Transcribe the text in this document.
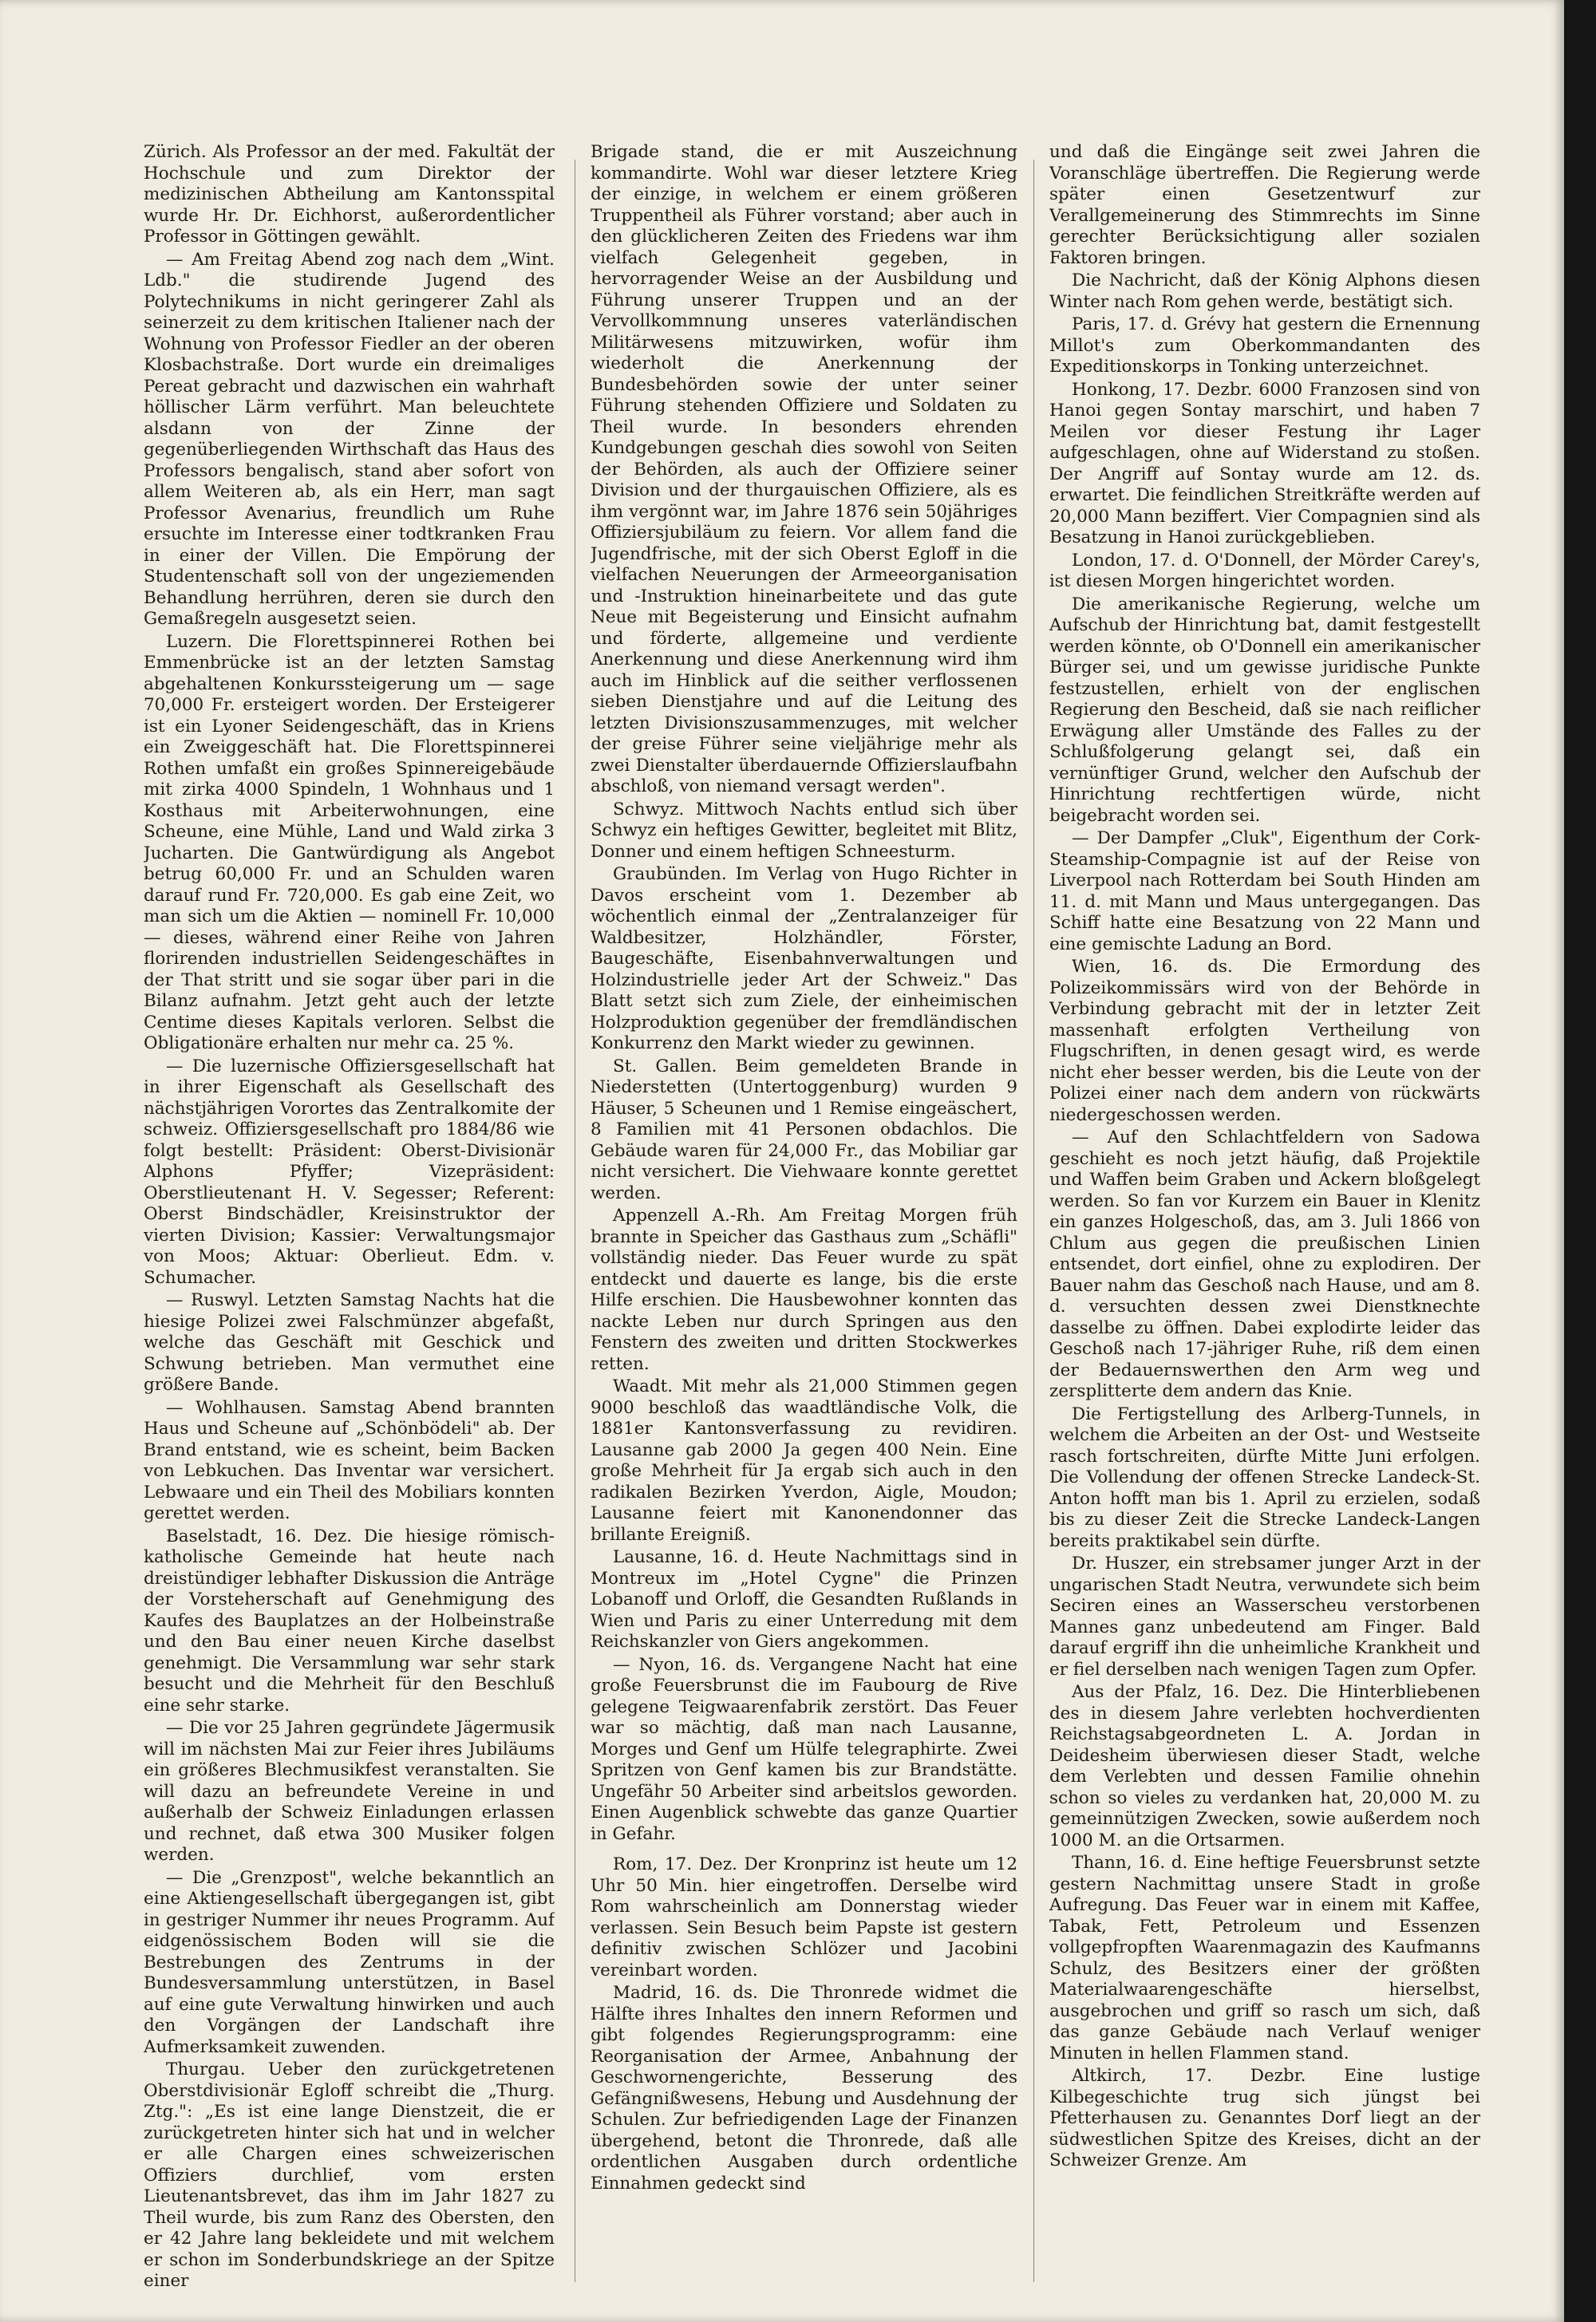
Zürich. Als Professor an der med. Fakultät der Hochschule und zum Direktor der medizinischen Abtheilung am Kantonsspital wurde Hr. Dr. Eichhorst, außerordentlicher Professor in Göttingen gewählt.

— Am Freitag Abend zog nach dem „Wint. Ldb." die studirende Jugend des Polytechnikums in nicht geringerer Zahl als seinerzeit zu dem kritischen Italiener nach der Wohnung von Professor Fiedler an der oberen Klosbachstraße. Dort wurde ein dreimaliges Pereat gebracht und dazwischen ein wahrhaft höllischer Lärm verführt. Man beleuchtete alsdann von der Zinne der gegenüberliegenden Wirthschaft das Haus des Professors bengalisch, stand aber sofort von allem Weiteren ab, als ein Herr, man sagt Professor Avenarius, freundlich um Ruhe ersuchte im Interesse einer todtkranken Frau in einer der Villen. Die Empörung der Studentenschaft soll von der ungeziemenden Behandlung herrühren, deren sie durch den Gemaßregeln ausgesetzt seien.

Luzern. Die Florettspinnerei Rothen bei Emmenbrücke ist an der letzten Samstag abgehaltenen Konkurssteigerung um — sage 70,000 Fr. ersteigert worden. Der Ersteigerer ist ein Lyoner Seidengeschäft, das in Kriens ein Zweiggeschäft hat. Die Florettspinnerei Rothen umfaßt ein großes Spinnereigebäude mit zirka 4000 Spindeln, 1 Wohnhaus und 1 Kosthaus mit Arbeiterwohnungen, eine Scheune, eine Mühle, Land und Wald zirka 3 Jucharten. Die Gantwürdigung als Angebot betrug 60,000 Fr. und an Schulden waren darauf rund Fr. 720,000. Es gab eine Zeit, wo man sich um die Aktien — nominell Fr. 10,000 — dieses, während einer Reihe von Jahren florirenden industriellen Seidengeschäftes in der That stritt und sie sogar über pari in die Bilanz aufnahm. Jetzt geht auch der letzte Centime dieses Kapitals verloren. Selbst die Obligationäre erhalten nur mehr ca. 25 %.

— Die luzernische Offiziersgesellschaft hat in ihrer Eigenschaft als Gesellschaft des nächstjährigen Vorortes das Zentralkomite der schweiz. Offiziersgesellschaft pro 1884/86 wie folgt bestellt: Präsident: Oberst-Divisionär Alphons Pfyffer; Vizepräsident: Oberstlieutenant H. V. Segesser; Referent: Oberst Bindschädler, Kreisinstruktor der vierten Division; Kassier: Verwaltungsmajor von Moos; Aktuar: Oberlieut. Edm. v. Schumacher.

— Ruswyl. Letzten Samstag Nachts hat die hiesige Polizei zwei Falschmünzer abgefaßt, welche das Geschäft mit Geschick und Schwung betrieben. Man vermuthet eine größere Bande.

— Wohlhausen. Samstag Abend brannten Haus und Scheune auf „Schönbödeli" ab. Der Brand entstand, wie es scheint, beim Backen von Lebkuchen. Das Inventar war versichert. Lebwaare und ein Theil des Mobiliars konnten gerettet werden.

Baselstadt, 16. Dez. Die hiesige römisch-katholische Gemeinde hat heute nach dreistündiger lebhafter Diskussion die Anträge der Vorsteherschaft auf Genehmigung des Kaufes des Bauplatzes an der Holbeinstraße und den Bau einer neuen Kirche daselbst genehmigt. Die Versammlung war sehr stark besucht und die Mehrheit für den Beschluß eine sehr starke.

— Die vor 25 Jahren gegründete Jägermusik will im nächsten Mai zur Feier ihres Jubiläums ein größeres Blechmusikfest veranstalten. Sie will dazu an befreundete Vereine in und außerhalb der Schweiz Einladungen erlassen und rechnet, daß etwa 300 Musiker folgen werden.

— Die „Grenzpost", welche bekanntlich an eine Aktiengesellschaft übergegangen ist, gibt in gestriger Nummer ihr neues Programm. Auf eidgenössischem Boden will sie die Bestrebungen des Zentrums in der Bundesversammlung unterstützen, in Basel auf eine gute Verwaltung hinwirken und auch den Vorgängen der Landschaft ihre Aufmerksamkeit zuwenden.

Thurgau. Ueber den zurückgetretenen Oberstdivisionär Egloff schreibt die „Thurg. Ztg.": „Es ist eine lange Dienstzeit, die er zurückgetreten hinter sich hat und in welcher er alle Chargen eines schweizerischen Offiziers durchlief, vom ersten Lieutenantsbrevet, das ihm im Jahr 1827 zu Theil wurde, bis zum Ranz des Obersten, den er 42 Jahre lang bekleidete und mit welchem er schon im Sonderbundskriege an der Spitze einer

Brigade stand, die er mit Auszeichnung kommandirte. Wohl war dieser letztere Krieg der einzige, in welchem er einem größeren Truppentheil als Führer vorstand; aber auch in den glücklicheren Zeiten des Friedens war ihm vielfach Gelegenheit gegeben, in hervorragender Weise an der Ausbildung und Führung unserer Truppen und an der Vervollkommnung unseres vaterländischen Militärwesens mitzuwirken, wofür ihm wiederholt die Anerkennung der Bundesbehörden sowie der unter seiner Führung stehenden Offiziere und Soldaten zu Theil wurde. In besonders ehrenden Kundgebungen geschah dies sowohl von Seiten der Behörden, als auch der Offiziere seiner Division und der thurgauischen Offiziere, als es ihm vergönnt war, im Jahre 1876 sein 50jähriges Offiziersjubiläum zu feiern. Vor allem fand die Jugendfrische, mit der sich Oberst Egloff in die vielfachen Neuerungen der Armeeorganisation und -Instruktion hineinarbeitete und das gute Neue mit Begeisterung und Einsicht aufnahm und förderte, allgemeine und verdiente Anerkennung und diese Anerkennung wird ihm auch im Hinblick auf die seither verflossenen sieben Dienstjahre und auf die Leitung des letzten Divisionszusammenzuges, mit welcher der greise Führer seine vieljährige mehr als zwei Dienstalter überdauernde Offizierslaufbahn abschloß, von niemand versagt werden".

Schwyz. Mittwoch Nachts entlud sich über Schwyz ein heftiges Gewitter, begleitet mit Blitz, Donner und einem heftigen Schneesturm.

Graubünden. Im Verlag von Hugo Richter in Davos erscheint vom 1. Dezember ab wöchentlich einmal der „Zentralanzeiger für Waldbesitzer, Holzhändler, Förster, Baugeschäfte, Eisenbahnverwaltungen und Holzindustrielle jeder Art der Schweiz." Das Blatt setzt sich zum Ziele, der einheimischen Holzproduktion gegenüber der fremdländischen Konkurrenz den Markt wieder zu gewinnen.

St. Gallen. Beim gemeldeten Brande in Niederstetten (Untertoggenburg) wurden 9 Häuser, 5 Scheunen und 1 Remise eingeäschert, 8 Familien mit 41 Personen obdachlos. Die Gebäude waren für 24,000 Fr., das Mobiliar gar nicht versichert. Die Viehwaare konnte gerettet werden.

Appenzell A.-Rh. Am Freitag Morgen früh brannte in Speicher das Gasthaus zum „Schäfli" vollständig nieder. Das Feuer wurde zu spät entdeckt und dauerte es lange, bis die erste Hilfe erschien. Die Hausbewohner konnten das nackte Leben nur durch Springen aus den Fenstern des zweiten und dritten Stockwerkes retten.

Waadt. Mit mehr als 21,000 Stimmen gegen 9000 beschloß das waadtländische Volk, die 1881er Kantonsverfassung zu revidiren. Lausanne gab 2000 Ja gegen 400 Nein. Eine große Mehrheit für Ja ergab sich auch in den radikalen Bezirken Yverdon, Aigle, Moudon; Lausanne feiert mit Kanonendonner das brillante Ereigniß.

Lausanne, 16. d. Heute Nachmittags sind in Montreux im „Hotel Cygne" die Prinzen Lobanoff und Orloff, die Gesandten Rußlands in Wien und Paris zu einer Unterredung mit dem Reichskanzler von Giers angekommen.

— Nyon, 16. ds. Vergangene Nacht hat eine große Feuersbrunst die im Faubourg de Rive gelegene Teigwaarenfabrik zerstört. Das Feuer war so mächtig, daß man nach Lausanne, Morges und Genf um Hülfe telegraphirte. Zwei Spritzen von Genf kamen bis zur Brandstätte. Ungefähr 50 Arbeiter sind arbeitslos geworden. Einen Augenblick schwebte das ganze Quartier in Gefahr.

Rom, 17. Dez. Der Kronprinz ist heute um 12 Uhr 50 Min. hier eingetroffen. Derselbe wird Rom wahrscheinlich am Donnerstag wieder verlassen. Sein Besuch beim Papste ist gestern definitiv zwischen Schlözer und Jacobini vereinbart worden.

Madrid, 16. ds. Die Thronrede widmet die Hälfte ihres Inhaltes den innern Reformen und gibt folgendes Regierungsprogramm: eine Reorganisation der Armee, Anbahnung der Geschwornengerichte, Besserung des Gefängnißwesens, Hebung und Ausdehnung der Schulen. Zur befriedigenden Lage der Finanzen übergehend, betont die Thronrede, daß alle ordentlichen Ausgaben durch ordentliche Einnahmen gedeckt sind

und daß die Eingänge seit zwei Jahren die Voranschläge übertreffen. Die Regierung werde später einen Gesetzentwurf zur Verallgemeinerung des Stimmrechts im Sinne gerechter Berücksichtigung aller sozialen Faktoren bringen.

Die Nachricht, daß der König Alphons diesen Winter nach Rom gehen werde, bestätigt sich.

Paris, 17. d. Grévy hat gestern die Ernennung Millot's zum Oberkommandanten des Expeditionskorps in Tonking unterzeichnet.

Honkong, 17. Dezbr. 6000 Franzosen sind von Hanoi gegen Sontay marschirt, und haben 7 Meilen vor dieser Festung ihr Lager aufgeschlagen, ohne auf Widerstand zu stoßen. Der Angriff auf Sontay wurde am 12. ds. erwartet. Die feindlichen Streitkräfte werden auf 20,000 Mann beziffert. Vier Compagnien sind als Besatzung in Hanoi zurückgeblieben.

London, 17. d. O'Donnell, der Mörder Carey's, ist diesen Morgen hingerichtet worden.

Die amerikanische Regierung, welche um Aufschub der Hinrichtung bat, damit festgestellt werden könnte, ob O'Donnell ein amerikanischer Bürger sei, und um gewisse juridische Punkte festzustellen, erhielt von der englischen Regierung den Bescheid, daß sie nach reiflicher Erwägung aller Umstände des Falles zu der Schlußfolgerung gelangt sei, daß ein vernünftiger Grund, welcher den Aufschub der Hinrichtung rechtfertigen würde, nicht beigebracht worden sei.

— Der Dampfer „Cluk", Eigenthum der Cork-Steamship-Compagnie ist auf der Reise von Liverpool nach Rotterdam bei South Hinden am 11. d. mit Mann und Maus untergegangen. Das Schiff hatte eine Besatzung von 22 Mann und eine gemischte Ladung an Bord.

Wien, 16. ds. Die Ermordung des Polizeikommissärs wird von der Behörde in Verbindung gebracht mit der in letzter Zeit massenhaft erfolgten Vertheilung von Flugschriften, in denen gesagt wird, es werde nicht eher besser werden, bis die Leute von der Polizei einer nach dem andern von rückwärts niedergeschossen werden.

— Auf den Schlachtfeldern von Sadowa geschieht es noch jetzt häufig, daß Projektile und Waffen beim Graben und Ackern bloßgelegt werden. So fan vor Kurzem ein Bauer in Klenitz ein ganzes Holgeschoß, das, am 3. Juli 1866 von Chlum aus gegen die preußischen Linien entsendet, dort einfiel, ohne zu explodiren. Der Bauer nahm das Geschoß nach Hause, und am 8. d. versuchten dessen zwei Dienstknechte dasselbe zu öffnen. Dabei explodirte leider das Geschoß nach 17-jähriger Ruhe, riß dem einen der Bedauernswerthen den Arm weg und zersplitterte dem andern das Knie.

Die Fertigstellung des Arlberg-Tunnels, in welchem die Arbeiten an der Ost- und Westseite rasch fortschreiten, dürfte Mitte Juni erfolgen. Die Vollendung der offenen Strecke Landeck-St. Anton hofft man bis 1. April zu erzielen, sodaß bis zu dieser Zeit die Strecke Landeck-Langen bereits praktikabel sein dürfte.

Dr. Huszer, ein strebsamer junger Arzt in der ungarischen Stadt Neutra, verwundete sich beim Seciren eines an Wasserscheu verstorbenen Mannes ganz unbedeutend am Finger. Bald darauf ergriff ihn die unheimliche Krankheit und er fiel derselben nach wenigen Tagen zum Opfer.

Aus der Pfalz, 16. Dez. Die Hinterbliebenen des in diesem Jahre verlebten hochverdienten Reichstagsabgeordneten L. A. Jordan in Deidesheim überwiesen dieser Stadt, welche dem Verlebten und dessen Familie ohnehin schon so vieles zu verdanken hat, 20,000 M. zu gemeinnützigen Zwecken, sowie außerdem noch 1000 M. an die Ortsarmen.

Thann, 16. d. Eine heftige Feuersbrunst setzte gestern Nachmittag unsere Stadt in große Aufregung. Das Feuer war in einem mit Kaffee, Tabak, Fett, Petroleum und Essenzen vollgepfropften Waarenmagazin des Kaufmanns Schulz, des Besitzers einer der größten Materialwaarengeschäfte hierselbst, ausgebrochen und griff so rasch um sich, daß das ganze Gebäude nach Verlauf weniger Minuten in hellen Flammen stand.

Altkirch, 17. Dezbr. Eine lustige Kilbegeschichte trug sich jüngst bei Pfetterhausen zu. Genanntes Dorf liegt an der südwestlichen Spitze des Kreises, dicht an der Schweizer Grenze. Am
